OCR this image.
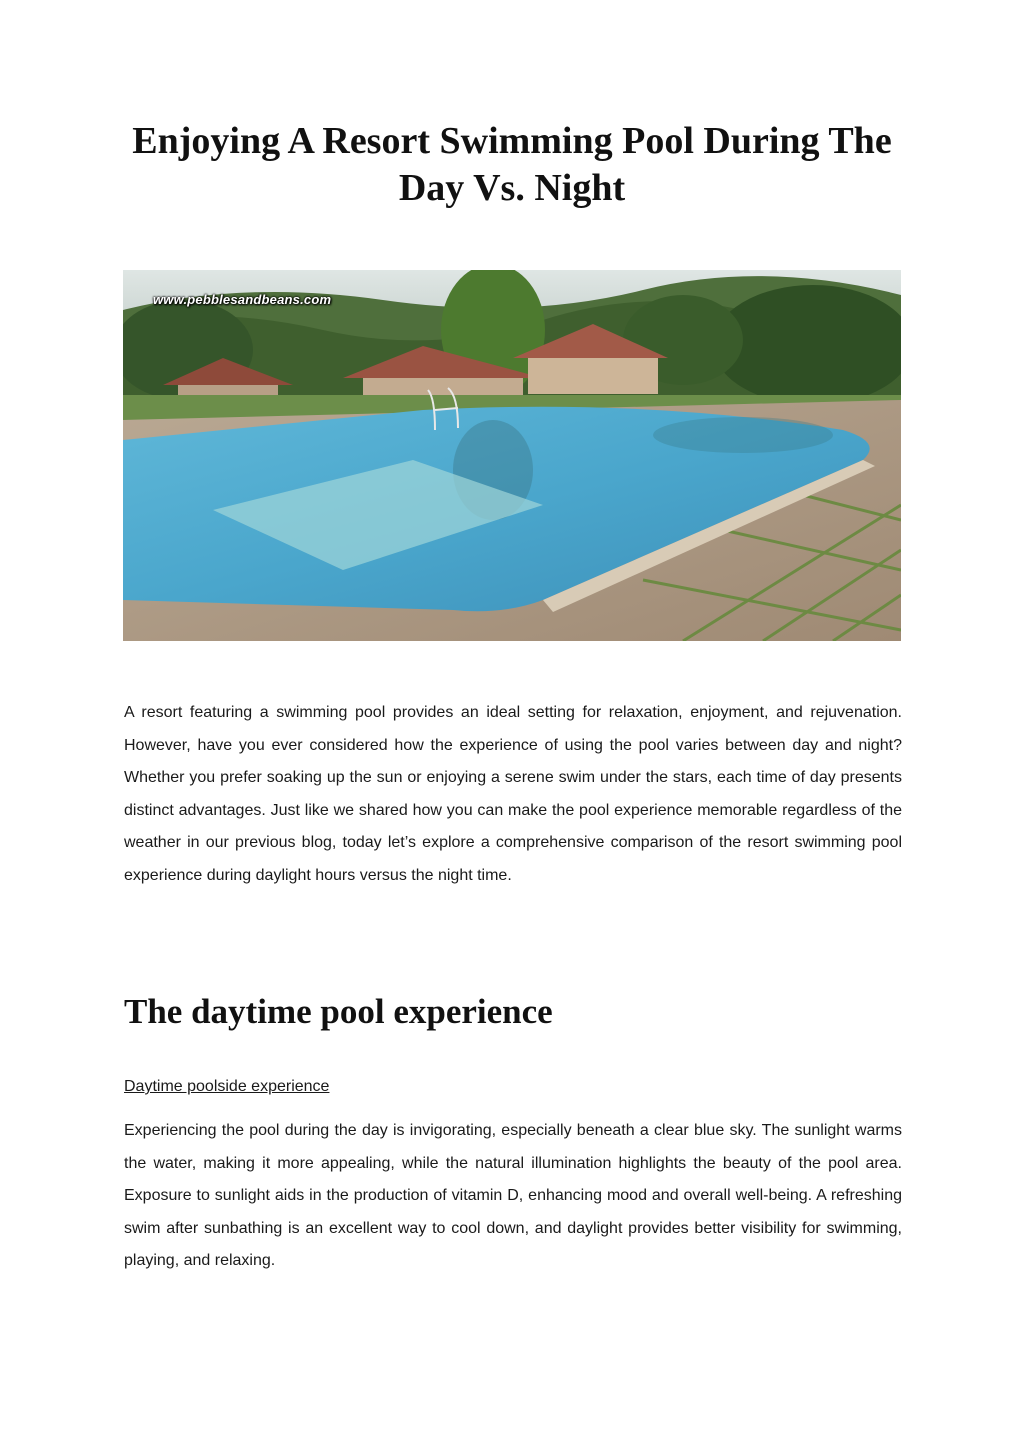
Enjoying A Resort Swimming Pool During The Day Vs. Night
www.pebblesandbeans.com

A resort featuring a swimming pool provides an ideal setting for relaxation, enjoyment, and rejuvenation. However, have you ever considered how the experience of using the pool varies between day and night? Whether you prefer soaking up the sun or enjoying a serene swim under the stars, each time of day presents distinct advantages. Just like we shared how you can make the pool experience memorable regardless of the weather in our previous blog, today let’s explore a comprehensive comparison of the resort swimming pool experience during daylight hours versus the night time.

The daytime pool experience
Daytime poolside experience

Experiencing the pool during the day is invigorating, especially beneath a clear blue sky. The sunlight warms the water, making it more appealing, while the natural illumination highlights the beauty of the pool area. Exposure to sunlight aids in the production of vitamin D, enhancing mood and overall well-being. A refreshing swim after sunbathing is an excellent way to cool down, and daylight provides better visibility for swimming, playing, and relaxing.
